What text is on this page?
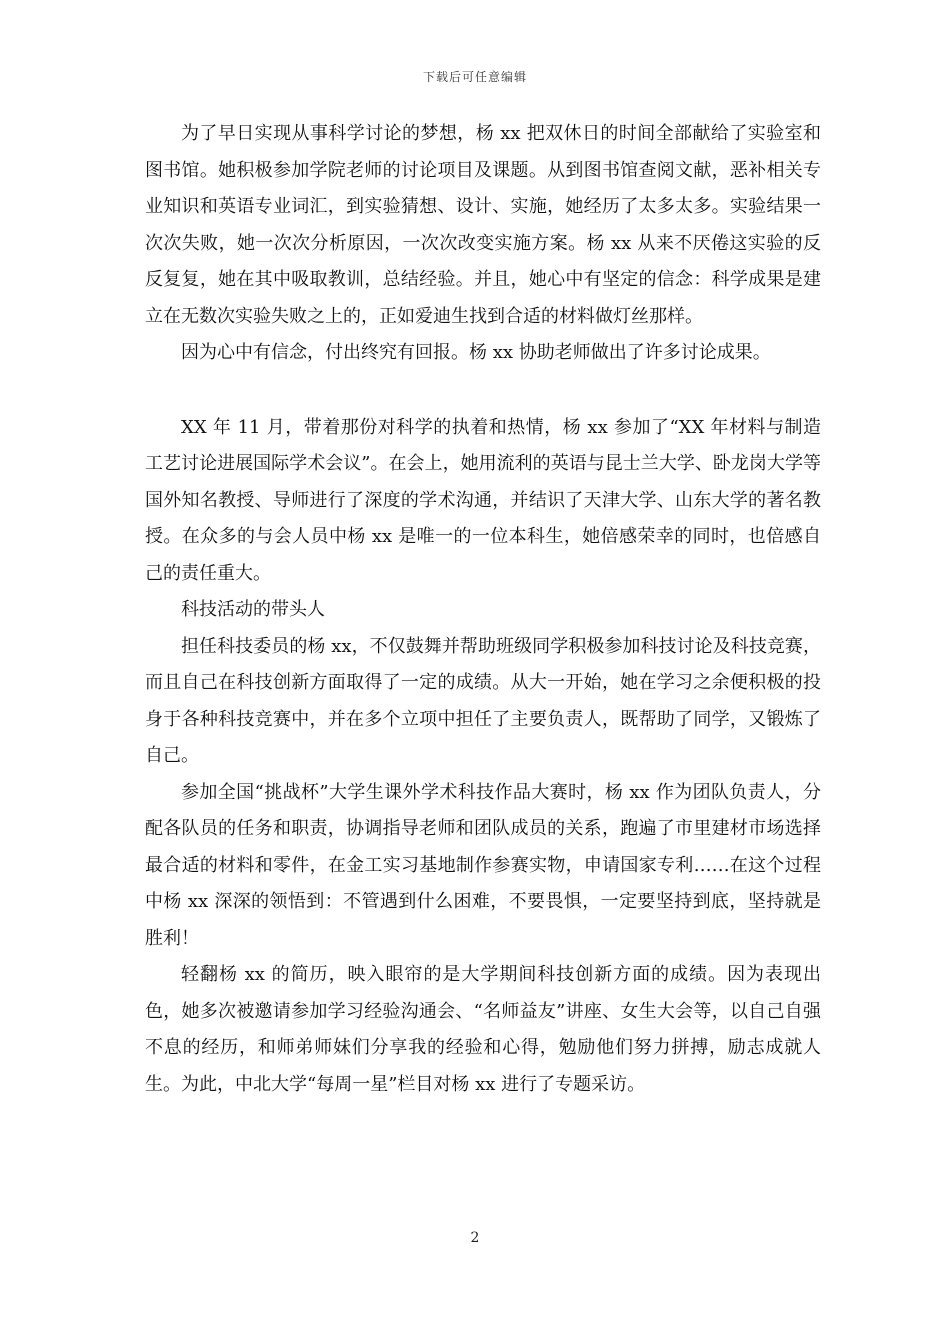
下载后可任意编辑

为了早日实现从事科学讨论的梦想，杨 xx 把双休日的时间全部献给了实验室和图书馆。她积极参加学院老师的讨论项目及课题。从到图书馆查阅文献，恶补相关专业知识和英语专业词汇，到实验猜想、设计、实施，她经历了太多太多。实验结果一次次失败，她一次次分析原因，一次次改变实施方案。杨 xx 从来不厌倦这实验的反反复复，她在其中吸取教训，总结经验。并且，她心中有坚定的信念：科学成果是建立在无数次实验失败之上的，正如爱迪生找到合适的材料做灯丝那样。

因为心中有信念，付出终究有回报。杨 xx 协助老师做出了许多讨论成果。

XX 年 11 月，带着那份对科学的执着和热情，杨 xx 参加了“XX 年材料与制造工艺讨论进展国际学术会议”。在会上，她用流利的英语与昆士兰大学、卧龙岗大学等国外知名教授、导师进行了深度的学术沟通，并结识了天津大学、山东大学的著名教授。在众多的与会人员中杨 xx 是唯一的一位本科生，她倍感荣幸的同时，也倍感自己的责任重大。

科技活动的带头人

担任科技委员的杨 xx，不仅鼓舞并帮助班级同学积极参加科技讨论及科技竞赛，而且自己在科技创新方面取得了一定的成绩。从大一开始，她在学习之余便积极的投身于各种科技竞赛中，并在多个立项中担任了主要负责人，既帮助了同学，又锻炼了自己。

参加全国“挑战杯”大学生课外学术科技作品大赛时，杨 xx 作为团队负责人，分配各队员的任务和职责，协调指导老师和团队成员的关系，跑遍了市里建材市场选择最合适的材料和零件，在金工实习基地制作参赛实物，申请国家专利……在这个过程中杨 xx 深深的领悟到：不管遇到什么困难，不要畏惧，一定要坚持到底，坚持就是胜利！

轻翻杨 xx 的简历，映入眼帘的是大学期间科技创新方面的成绩。因为表现出色，她多次被邀请参加学习经验沟通会、“名师益友”讲座、女生大会等，以自己自强不息的经历，和师弟师妹们分享我的经验和心得，勉励他们努力拼搏，励志成就人生。为此，中北大学“每周一星”栏目对杨 xx 进行了专题采访。

2
